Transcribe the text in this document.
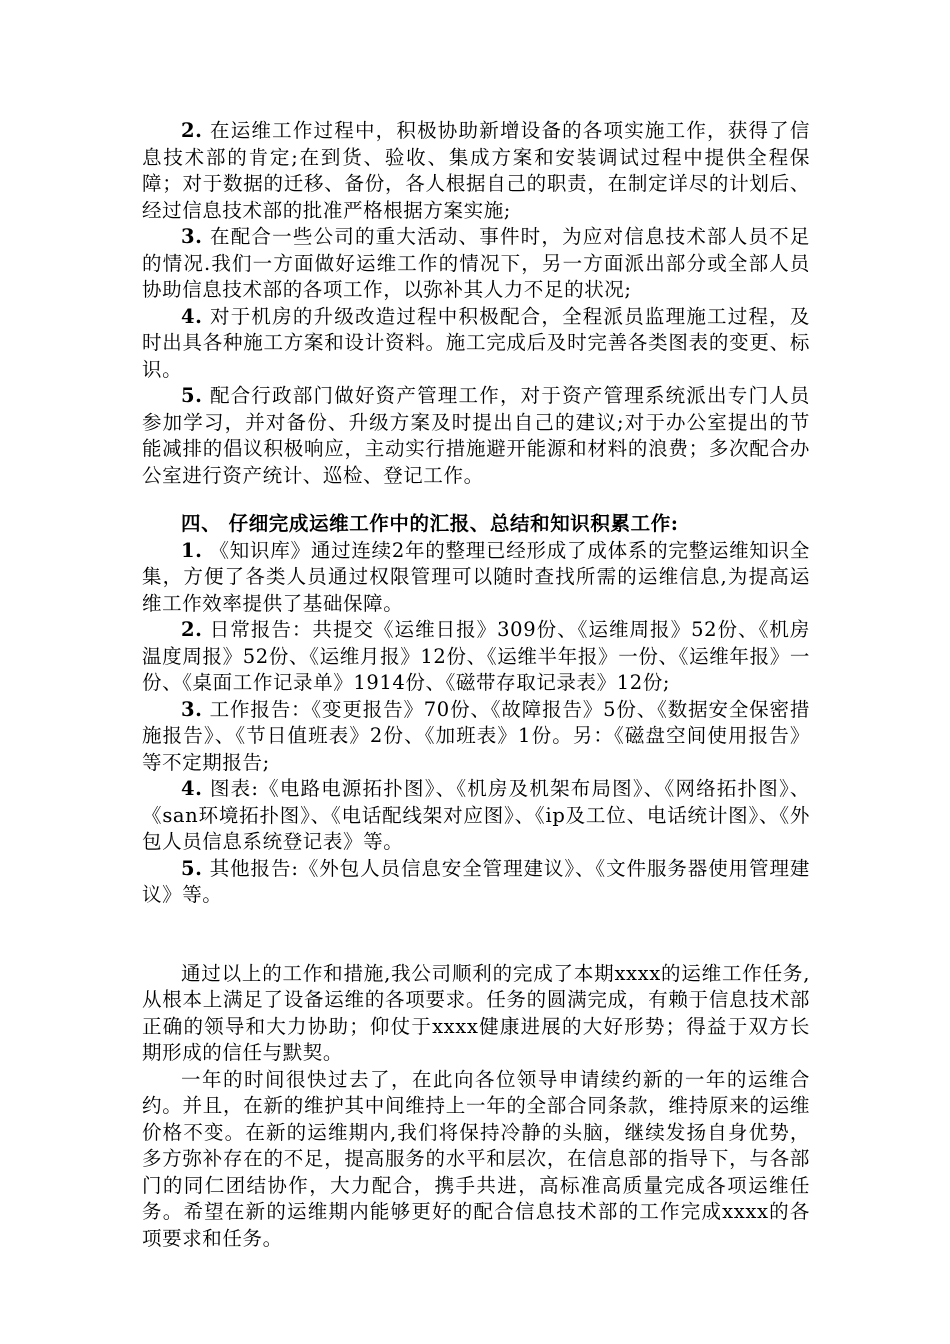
2. 在运维工作过程中，积极协助新增设备的各项实施工作，获得了信息技术部的肯定;在到货、验收、集成方案和安装调试过程中提供全程保障；对于数据的迁移、备份，各人根据自己的职责，在制定详尽的计划后、经过信息技术部的批准严格根据方案实施;

3. 在配合一些公司的重大活动、事件时，为应对信息技术部人员不足的情况.我们一方面做好运维工作的情况下，另一方面派出部分或全部人员协助信息技术部的各项工作，以弥补其人力不足的状况;

4. 对于机房的升级改造过程中积极配合，全程派员监理施工过程，及时出具各种施工方案和设计资料。施工完成后及时完善各类图表的变更、标识。

5. 配合行政部门做好资产管理工作，对于资产管理系统派出专门人员参加学习，并对备份、升级方案及时提出自己的建议;对于办公室提出的节能减排的倡议积极响应，主动实行措施避开能源和材料的浪费；多次配合办公室进行资产统计、巡检、登记工作。

四、 仔细完成运维工作中的汇报、总结和知识积累工作:

1. 《知识库》通过连续2年的整理已经形成了成体系的完整运维知识全集，方便了各类人员通过权限管理可以随时查找所需的运维信息,为提高运维工作效率提供了基础保障。

2. 日常报告：共提交《运维日报》309份、《运维周报》52份、《机房温度周报》52份、《运维月报》12份、《运维半年报》一份、《运维年报》一份、《桌面工作记录单》1914份、《磁带存取记录表》12份;

3. 工作报告：《变更报告》70份、《故障报告》5份、《数据安全保密措施报告》、《节日值班表》2份、《加班表》1份。另：《磁盘空间使用报告》等不定期报告;

4. 图表:《电路电源拓扑图》、《机房及机架布局图》、《网络拓扑图》、《san环境拓扑图》、《电话配线架对应图》、《ip及工位、电话统计图》、《外包人员信息系统登记表》等。

5. 其他报告:《外包人员信息安全管理建议》、《文件服务器使用管理建议》等。

通过以上的工作和措施,我公司顺利的完成了本期xxxx的运维工作任务,从根本上满足了设备运维的各项要求。任务的圆满完成，有赖于信息技术部正确的领导和大力协助；仰仗于xxxx健康进展的大好形势；得益于双方长期形成的信任与默契。

一年的时间很快过去了，在此向各位领导申请续约新的一年的运维合约。并且，在新的维护其中间维持上一年的全部合同条款，维持原来的运维价格不变。在新的运维期内,我们将保持冷静的头脑，继续发扬自身优势，多方弥补存在的不足，提高服务的水平和层次，在信息部的指导下，与各部门的同仁团结协作，大力配合，携手共进，高标准高质量完成各项运维任务。希望在新的运维期内能够更好的配合信息技术部的工作完成xxxx的各项要求和任务。
